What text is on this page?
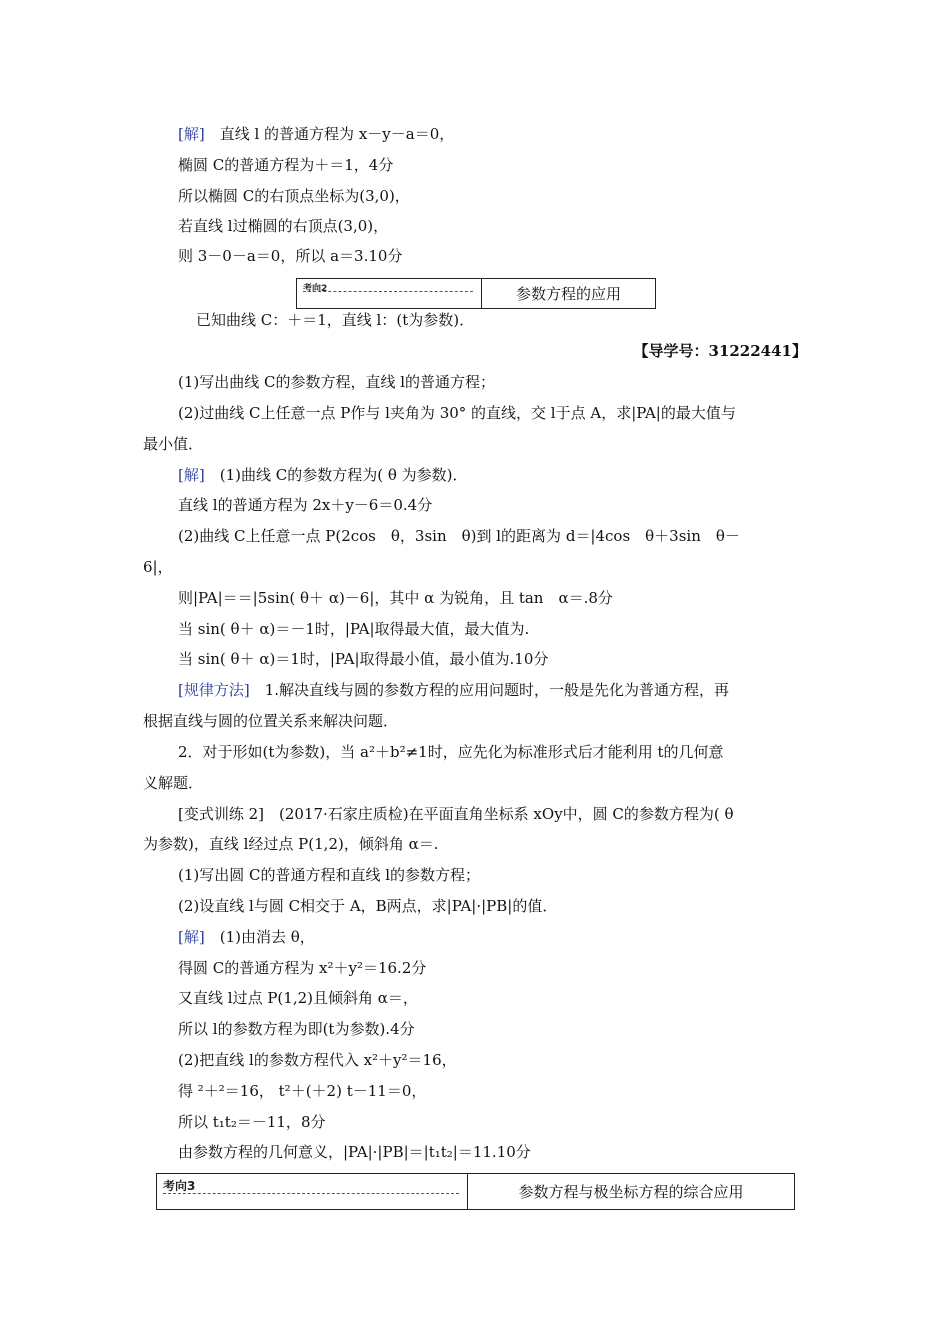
[解]　直线 l 的普通方程为 x－y－a＝0，
椭圆 C的普通方程为＋＝1，4分
所以椭圆 C的右顶点坐标为(3,0)，
若直线 l过椭圆的右顶点(3,0)，
则 3－0－a＝0，所以 a＝3.10分
考向2	参数方程的应用
已知曲线 C：＋＝1，直线 l：(t为参数)．
【导学号：31222441】
(1)写出曲线 C的参数方程，直线 l的普通方程；
(2)过曲线 C上任意一点 P作与 l夹角为 30° 的直线，交 l于点 A，求|PA|的最大值与
最小值．
[解]　(1)曲线 C的参数方程为( θ 为参数)．
直线 l的普通方程为 2x＋y－6＝0.4分
(2)曲线 C上任意一点 P(2cos　θ，3sin　θ)到 l的距离为 d＝|4cos　θ＋3sin　θ－
6|，
则|PA|＝＝|5sin( θ＋ α)－6|，其中 α 为锐角，且 tan　α＝.8分
当 sin( θ＋ α)＝－1时，|PA|取得最大值，最大值为.
当 sin( θ＋ α)＝1时，|PA|取得最小值，最小值为.10分
[规律方法]　1.解决直线与圆的参数方程的应用问题时，一般是先化为普通方程，再
根据直线与圆的位置关系来解决问题．
2．对于形如(t为参数)，当 a²＋b²≠1时，应先化为标准形式后才能利用 t的几何意
义解题．
[变式训练 2]　(2017·石家庄质检)在平面直角坐标系 xOy中，圆 C的参数方程为( θ
为参数)，直线 l经过点 P(1,2)，倾斜角 α＝.
(1)写出圆 C的普通方程和直线 l的参数方程；
(2)设直线 l与圆 C相交于 A，B两点，求|PA|·|PB|的值．
[解]　(1)由消去 θ，
得圆 C的普通方程为 x²＋y²＝16.2分
又直线 l过点 P(1,2)且倾斜角 α＝，
所以 l的参数方程为即(t为参数).4分
(2)把直线 l的参数方程代入 x²＋y²＝16，
得 ²＋²＝16， t²＋(＋2) t－11＝0，
所以 t₁t₂＝－11，8分
由参数方程的几何意义，|PA|·|PB|＝|t₁t₂|＝11.10分
考向3	参数方程与极坐标方程的综合应用
